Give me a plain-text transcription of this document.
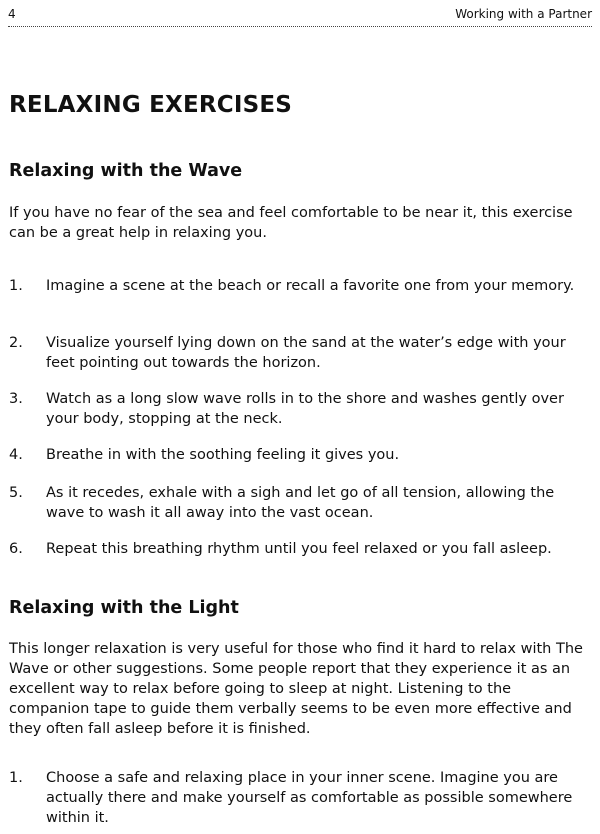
4	Working with a Partner
RELAXING EXERCISES
Relaxing with the Wave

If you have no fear of the sea and feel comfortable to be near it, this exercise can be a great help in relaxing you.

1. Imagine a scene at the beach or recall a favorite one from your memory.
2. Visualize yourself lying down on the sand at the water’s edge with your feet pointing out towards the horizon.
3. Watch as a long slow wave rolls in to the shore and washes gently over your body, stopping at the neck.
4. Breathe in with the soothing feeling it gives you.
5. As it recedes, exhale with a sigh and let go of all tension, allowing the wave to wash it all away into the vast ocean.
6. Repeat this breathing rhythm until you feel relaxed or you fall asleep.
Relaxing with the Light

This longer relaxation is very useful for those who find it hard to relax with The Wave or other suggestions. Some people report that they experience it as an excellent way to relax before going to sleep at night. Listening to the companion tape to guide them verbally seems to be even more effective and they often fall asleep before it is finished.

1. Choose a safe and relaxing place in your inner scene. Imagine you are actually there and make yourself as comfortable as possible somewhere within it.
